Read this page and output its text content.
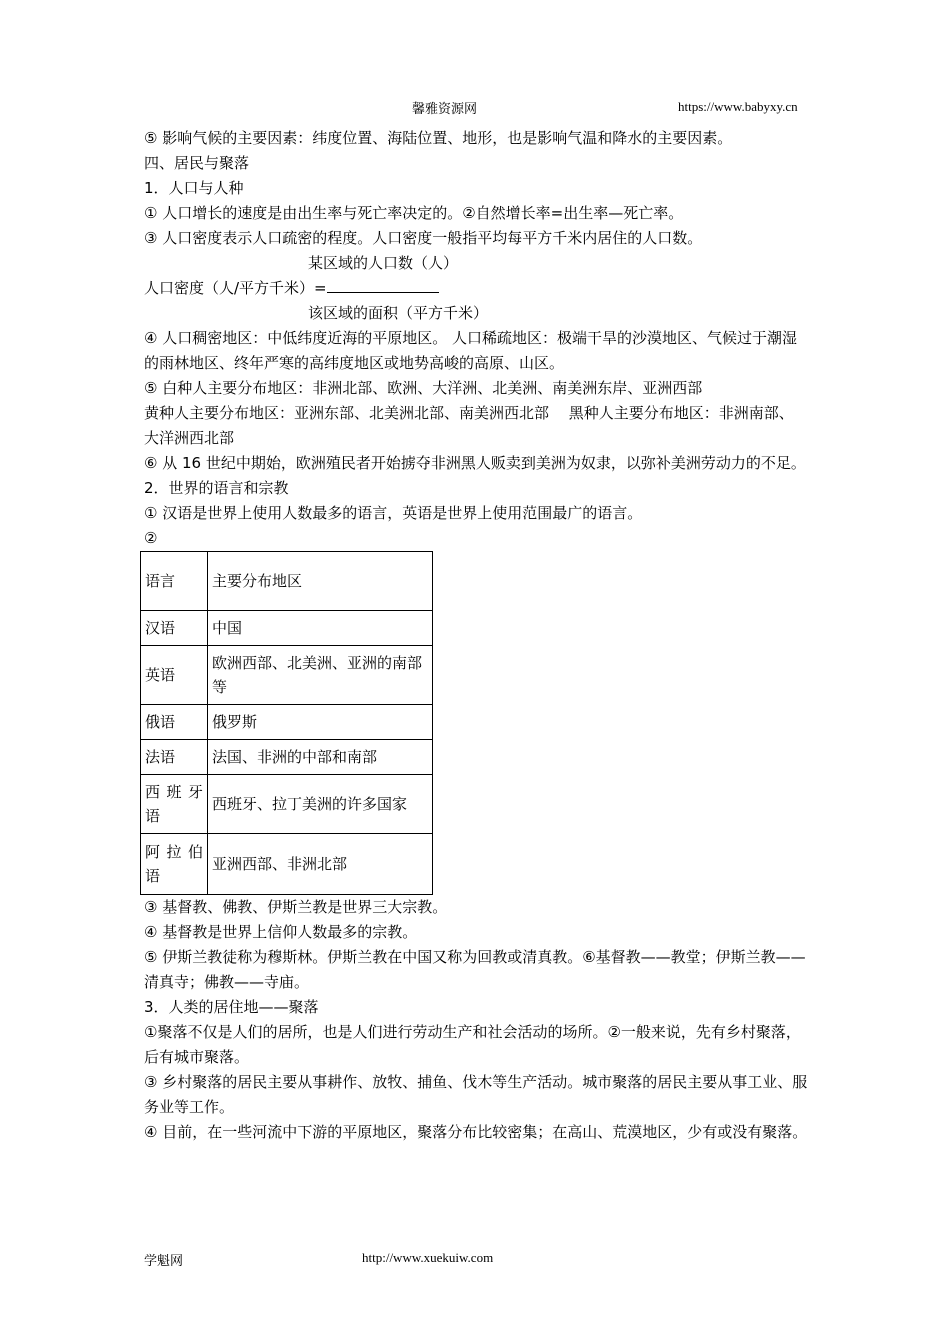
馨雅资源网	https://www.babyxy.cn

⑤ 影响气候的主要因素：纬度位置、海陆位置、地形，也是影响气温和降水的主要因素。

四、居民与聚落

1．人口与人种

① 人口增长的速度是由出生率与死亡率决定的。②自然增长率=出生率—死亡率。

③ 人口密度表示人口疏密的程度。人口密度一般指平均每平方千米内居住的人口数。

某区域的人口数（人）

人口密度（人/平方千米）=

该区域的面积（平方千米）

④ 人口稠密地区：中低纬度近海的平原地区。 人口稀疏地区：极端干旱的沙漠地区、气候过于潮湿的雨林地区、终年严寒的高纬度地区或地势高峻的高原、山区。

⑤ 白种人主要分布地区：非洲北部、欧洲、大洋洲、北美洲、南美洲东岸、亚洲西部

黄种人主要分布地区：亚洲东部、北美洲北部、南美洲西北部　 黑种人主要分布地区：非洲南部、大洋洲西北部

⑥ 从 16 世纪中期始，欧洲殖民者开始掳夺非洲黑人贩卖到美洲为奴隶，以弥补美洲劳动力的不足。

2．世界的语言和宗教

① 汉语是世界上使用人数最多的语言，英语是世界上使用范围最广的语言。

②

语言	主要分布地区
汉语	中国
英语	欧洲西部、北美洲、亚洲的南部等
俄语	俄罗斯
法语	法国、非洲的中部和南部
西班牙语	西班牙、拉丁美洲的许多国家
阿拉伯语	亚洲西部、非洲北部

③ 基督教、佛教、伊斯兰教是世界三大宗教。

④ 基督教是世界上信仰人数最多的宗教。

⑤ 伊斯兰教徒称为穆斯林。伊斯兰教在中国又称为回教或清真教。⑥基督教——教堂；伊斯兰教——清真寺；佛教——寺庙。

3．人类的居住地——聚落

①聚落不仅是人们的居所，也是人们进行劳动生产和社会活动的场所。②一般来说，先有乡村聚落，后有城市聚落。

③ 乡村聚落的居民主要从事耕作、放牧、捕鱼、伐木等生产活动。城市聚落的居民主要从事工业、服务业等工作。

④ 目前，在一些河流中下游的平原地区，聚落分布比较密集；在高山、荒漠地区，少有或没有聚落。

学魁网	http://www.xuekuiw.com
